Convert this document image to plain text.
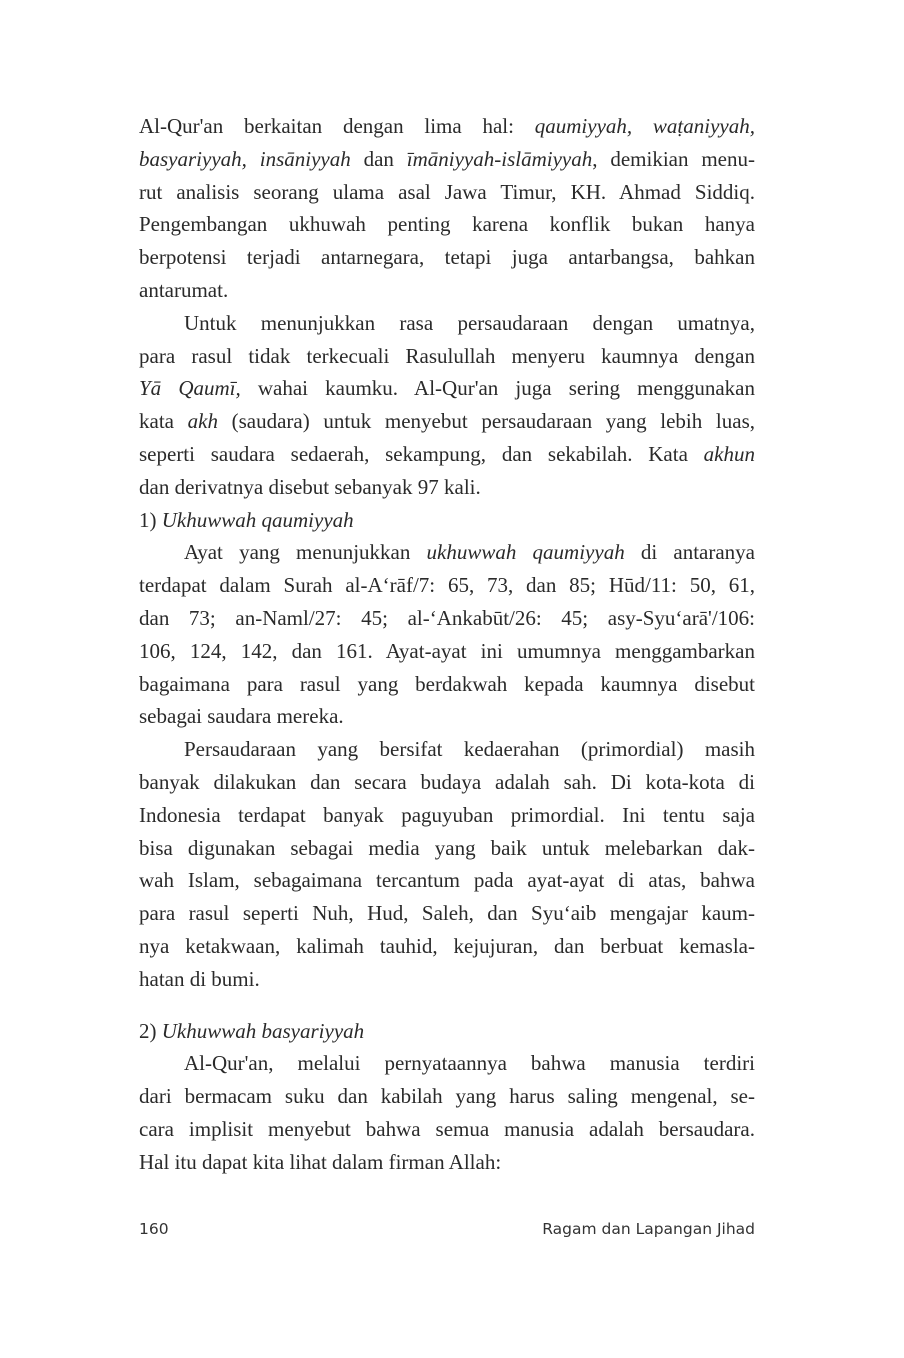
Al-Qur'an berkaitan dengan lima hal: qaumiyyah, waṭaniyyah,
basyariyyah, insāniyyah dan īmāniyyah-islāmiyyah, demikian menu-
rut analisis seorang ulama asal Jawa Timur, KH. Ahmad Siddiq.
Pengembangan ukhuwah penting karena konflik bukan hanya
berpotensi terjadi antarnegara, tetapi juga antarbangsa, bahkan
antarumat.
Untuk menunjukkan rasa persaudaraan dengan umatnya,
para rasul tidak terkecuali Rasulullah menyeru kaumnya dengan
Yā Qaumī, wahai kaumku. Al-Qur'an juga sering menggunakan
kata akh (saudara) untuk menyebut persaudaraan yang lebih luas,
seperti saudara sedaerah, sekampung, dan sekabilah. Kata akhun
dan derivatnya disebut sebanyak 97 kali.
1) Ukhuwwah qaumiyyah
Ayat yang menunjukkan ukhuwwah qaumiyyah di antaranya
terdapat dalam Surah al-A‘rāf/7: 65, 73, dan 85; Hūd/11: 50, 61,
dan 73; an-Naml/27: 45; al-‘Ankabūt/26: 45; asy-Syu‘arā'/106:
106, 124, 142, dan 161. Ayat-ayat ini umumnya menggambarkan
bagaimana para rasul yang berdakwah kepada kaumnya disebut
sebagai saudara mereka.
Persaudaraan yang bersifat kedaerahan (primordial) masih
banyak dilakukan dan secara budaya adalah sah. Di kota-kota di
Indonesia terdapat banyak paguyuban primordial. Ini tentu saja
bisa digunakan sebagai media yang baik untuk melebarkan dak-
wah Islam, sebagaimana tercantum pada ayat-ayat di atas, bahwa
para rasul seperti Nuh, Hud, Saleh, dan Syu‘aib mengajar kaum-
nya ketakwaan, kalimah tauhid, kejujuran, dan berbuat kemasla-
hatan di bumi.
2) Ukhuwwah basyariyyah
Al-Qur'an, melalui pernyataannya bahwa manusia terdiri
dari bermacam suku dan kabilah yang harus saling mengenal, se-
cara implisit menyebut bahwa semua manusia adalah bersaudara.
Hal itu dapat kita lihat dalam firman Allah:
160	Ragam dan Lapangan Jihad
